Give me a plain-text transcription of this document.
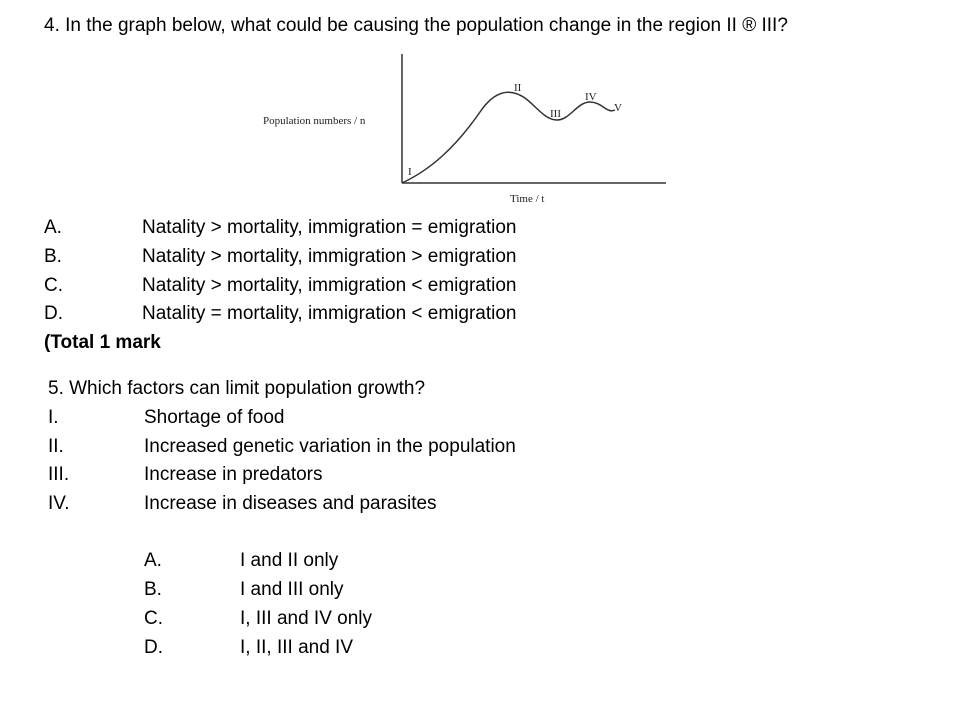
4. In the graph below, what could be causing the population change in the region II ® III?
Population numbers / n
Time / t
I
II
III
IV
V
A.	Natality > mortality, immigration = emigration
B.	Natality > mortality, immigration > emigration
C.	Natality > mortality, immigration < emigration
D.	Natality = mortality, immigration < emigration
(Total 1 mark
5. Which factors can limit population growth?
I.	Shortage of food
II.	Increased genetic variation in the population
III.	Increase in predators
IV.	Increase in diseases and parasites
A.	I and II only
B.	I and III only
C.	I, III and IV only
D.	I, II, III and IV
